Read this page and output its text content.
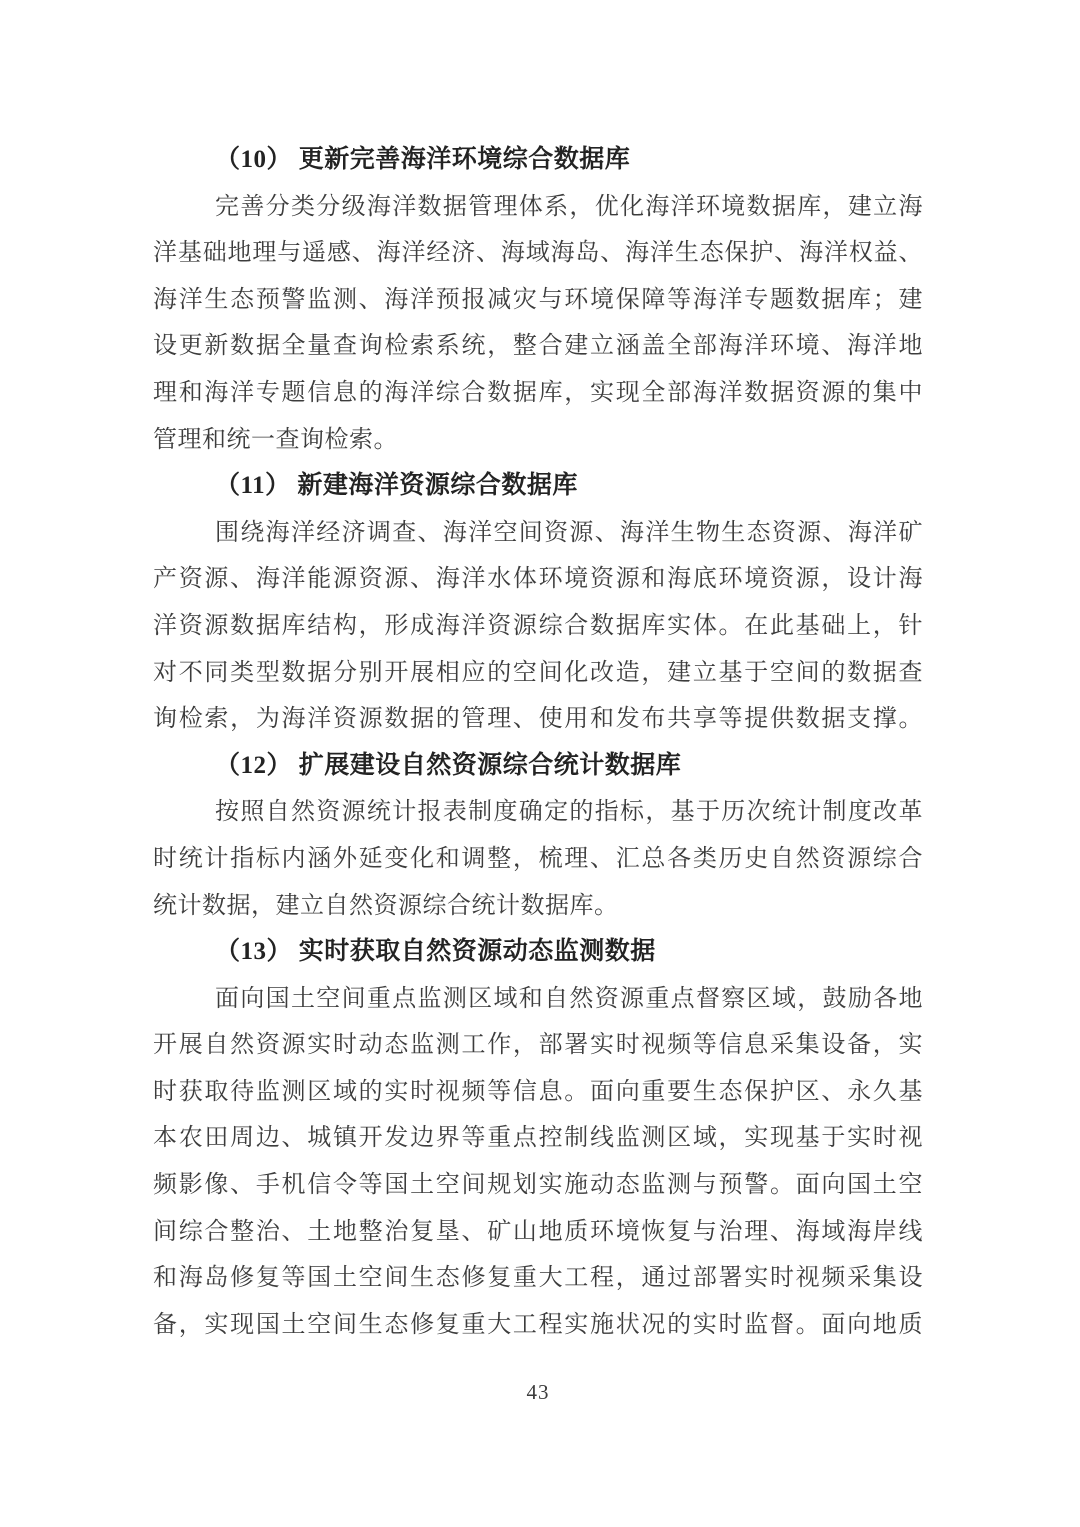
（10） 更新完善海洋环境综合数据库
完善分类分级海洋数据管理体系，优化海洋环境数据库，建立海
洋基础地理与遥感、海洋经济、海域海岛、海洋生态保护、海洋权益、
海洋生态预警监测、海洋预报减灾与环境保障等海洋专题数据库；建
设更新数据全量查询检索系统，整合建立涵盖全部海洋环境、海洋地
理和海洋专题信息的海洋综合数据库，实现全部海洋数据资源的集中
管理和统一查询检索。
（11） 新建海洋资源综合数据库
围绕海洋经济调查、海洋空间资源、海洋生物生态资源、海洋矿
产资源、海洋能源资源、海洋水体环境资源和海底环境资源，设计海
洋资源数据库结构，形成海洋资源综合数据库实体。在此基础上，针
对不同类型数据分别开展相应的空间化改造，建立基于空间的数据查
询检索，为海洋资源数据的管理、使用和发布共享等提供数据支撑。
（12） 扩展建设自然资源综合统计数据库
按照自然资源统计报表制度确定的指标，基于历次统计制度改革
时统计指标内涵外延变化和调整，梳理、汇总各类历史自然资源综合
统计数据，建立自然资源综合统计数据库。
（13） 实时获取自然资源动态监测数据
面向国土空间重点监测区域和自然资源重点督察区域，鼓励各地
开展自然资源实时动态监测工作，部署实时视频等信息采集设备，实
时获取待监测区域的实时视频等信息。面向重要生态保护区、永久基
本农田周边、城镇开发边界等重点控制线监测区域，实现基于实时视
频影像、手机信令等国土空间规划实施动态监测与预警。面向国土空
间综合整治、土地整治复垦、矿山地质环境恢复与治理、海域海岸线
和海岛修复等国土空间生态修复重大工程，通过部署实时视频采集设
备，实现国土空间生态修复重大工程实施状况的实时监督。面向地质
43
